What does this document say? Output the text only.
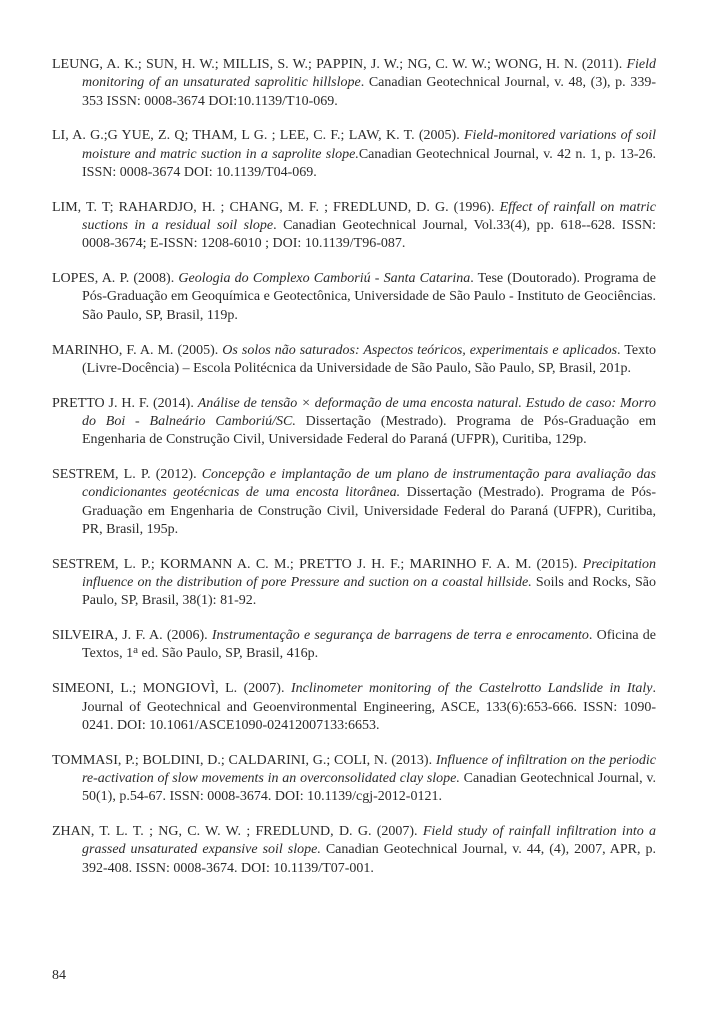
LEUNG, A. K.; SUN, H. W.; MILLIS, S. W.; PAPPIN, J. W.; NG, C. W. W.; WONG, H. N. (2011). Field monitoring of an unsaturated saprolitic hillslope. Canadian Geotechnical Journal, v. 48, (3), p. 339-353 ISSN: 0008-3674 DOI:10.1139/T10-069.

LI, A. G.;G YUE, Z. Q; THAM, L G. ; LEE, C. F.; LAW, K. T. (2005). Field-monitored variations of soil moisture and matric suction in a saprolite slope.Canadian Geotechnical Journal, v. 42 n. 1, p. 13-26. ISSN: 0008-3674 DOI: 10.1139/T04-069.

LIM, T. T; RAHARDJO, H. ; CHANG, M. F. ; FREDLUND, D. G. (1996). Effect of rainfall on matric suctions in a residual soil slope. Canadian Geotechnical Journal, Vol.33(4), pp. 618--628. ISSN: 0008-3674; E-ISSN: 1208-6010 ; DOI: 10.1139/T96-087.

LOPES, A. P. (2008). Geologia do Complexo Camboriú - Santa Catarina. Tese (Doutorado). Programa de Pós-Graduação em Geoquímica e Geotectônica, Universidade de São Paulo - Instituto de Geociências. São Paulo, SP, Brasil, 119p.

MARINHO, F. A. M. (2005). Os solos não saturados: Aspectos teóricos, experimentais e aplicados. Texto (Livre-Docência) – Escola Politécnica da Universidade de São Paulo, São Paulo, SP, Brasil, 201p.

PRETTO J. H. F. (2014). Análise de tensão × deformação de uma encosta natural. Estudo de caso: Morro do Boi - Balneário Camboriú/SC. Dissertação (Mestrado). Programa de Pós-Graduação em Engenharia de Construção Civil, Universidade Federal do Paraná (UFPR), Curitiba, 129p.

SESTREM, L. P. (2012). Concepção e implantação de um plano de instrumentação para avaliação das condicionantes geotécnicas de uma encosta litorânea. Dissertação (Mestrado). Programa de Pós-Graduação em Engenharia de Construção Civil, Universidade Federal do Paraná (UFPR), Curitiba, PR, Brasil, 195p.

SESTREM, L. P.; KORMANN A. C. M.; PRETTO J. H. F.; MARINHO F. A. M. (2015). Precipitation influence on the distribution of pore Pressure and suction on a coastal hillside. Soils and Rocks, São Paulo, SP, Brasil, 38(1): 81-92.

SILVEIRA, J. F. A. (2006). Instrumentação e segurança de barragens de terra e enrocamento. Oficina de Textos, 1$^a$ ed. São Paulo, SP, Brasil, 416p.

SIMEONI, L.; MONGIOVÌ, L. (2007). Inclinometer monitoring of the Castelrotto Landslide in Italy. Journal of Geotechnical and Geoenvironmental Engineering, ASCE, 133(6):653-666. ISSN: 1090-0241. DOI: 10.1061/ASCE1090-02412007133:6653.

TOMMASI, P.; BOLDINI, D.; CALDARINI, G.; COLI, N. (2013). Influence of infiltration on the periodic re-activation of slow movements in an overconsolidated clay slope. Canadian Geotechnical Journal, v. 50(1), p.54-67. ISSN: 0008-3674. DOI: 10.1139/cgj-2012-0121.

ZHAN, T. L. T. ; NG, C. W. W. ; FREDLUND, D. G. (2007). Field study of rainfall infiltration into a grassed unsaturated expansive soil slope. Canadian Geotechnical Journal, v. 44, (4), 2007, APR, p. 392-408. ISSN: 0008-3674. DOI: 10.1139/T07-001.

84
